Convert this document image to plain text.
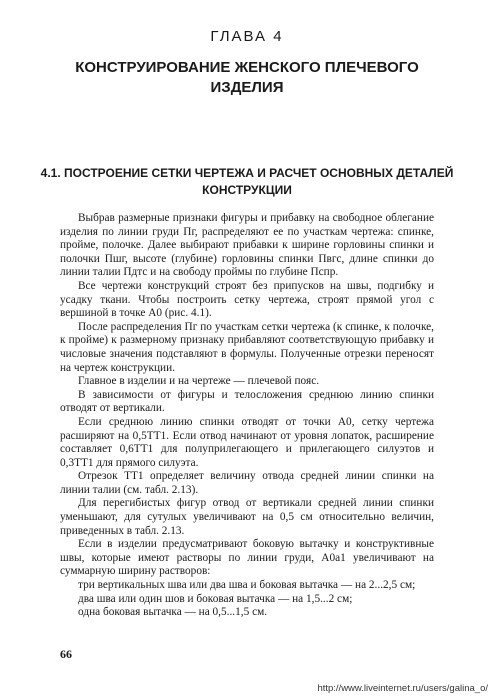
ГЛАВА 4
КОНСТРУИРОВАНИЕ ЖЕНСКОГО ПЛЕЧЕВОГО ИЗДЕЛИЯ
4.1. ПОСТРОЕНИЕ СЕТКИ ЧЕРТЕЖА И РАСЧЕТ ОСНОВНЫХ ДЕТАЛЕЙ КОНСТРУКЦИИ

Выбрав размерные признаки фигуры и прибавку на свободное облегание изделия по линии груди Пг, распределяют ее по участкам чертежа: спинке, пройме, полочке. Далее выбирают прибавки к ширине горловины спинки и полочки Пшг, высоте (глубине) горловины спинки Пвгс, длине спинки до линии талии Пдтс и на свободу проймы по глубине Пспр.

Все чертежи конструкций строят без припусков на швы, подгибку и усадку ткани. Чтобы построить сетку чертежа, строят прямой угол с вершиной в точке А0 (рис. 4.1).

После распределения Пг по участкам сетки чертежа (к спинке, к полочке, к пройме) к размерному признаку прибавляют соответствующую прибавку и числовые значения подставляют в формулы. Полученные отрезки переносят на чертеж конструкции.

Главное в изделии и на чертеже — плечевой пояс.

В зависимости от фигуры и телосложения среднюю линию спинки отводят от вертикали.

Если среднюю линию спинки отводят от точки А0, сетку чертежа расширяют на 0,5ТТ1. Если отвод начинают от уровня лопаток, расширение составляет 0,6ТТ1 для полуприлегающего и прилегающего силуэтов и 0,3ТТ1 для прямого силуэта.

Отрезок ТТ1 определяет величину отвода средней линии спинки на линии талии (см. табл. 2.13).

Для перегибистых фигур отвод от вертикали средней линии спинки уменьшают, для сутулых увеличивают на 0,5 см относительно величин, приведенных в табл. 2.13.

Если в изделии предусматривают боковую вытачку и конструктивные швы, которые имеют растворы по линии груди, А0а1 увеличивают на суммарную ширину растворов:

три вертикальных шва или два шва и боковая вытачка — на 2...2,5 см;

два шва или один шов и боковая вытачка — на 1,5...2 см;

одна боковая вытачка — на 0,5...1,5 см.

66
http://www.liveinternet.ru/users/galina_o/
